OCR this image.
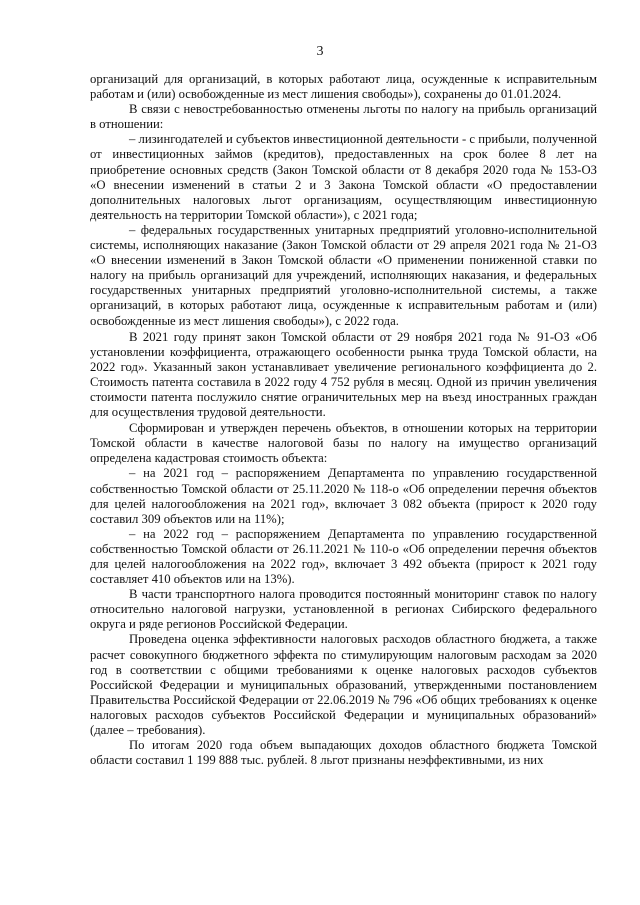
3

организаций для организаций, в которых работают лица, осужденные к исправительным работам и (или) освобожденные из мест лишения свободы»), сохранены до 01.01.2024.

В связи с невостребованностью отменены льготы по налогу на прибыль организаций в отношении:

– лизингодателей и субъектов инвестиционной деятельности - с прибыли, полученной от инвестиционных займов (кредитов), предоставленных на срок более 8 лет на приобретение основных средств (Закон Томской области от 8 декабря 2020 года № 153-ОЗ «О внесении изменений в статьи 2 и 3 Закона Томской области «О предоставлении дополнительных налоговых льгот организациям, осуществляющим инвестиционную деятельность на территории Томской области»), с 2021 года;

– федеральных государственных унитарных предприятий уголовно-исполнительной системы, исполняющих наказание (Закон Томской области от 29 апреля 2021 года № 21-ОЗ «О внесении изменений в Закон Томской области «О применении пониженной ставки по налогу на прибыль организаций для учреждений, исполняющих наказания, и федеральных государственных унитарных предприятий уголовно-исполнительной системы, а также организаций, в которых работают лица, осужденные к исправительным работам и (или) освобожденные из мест лишения свободы»), с 2022 года.

В 2021 году принят закон Томской области от 29 ноября 2021 года № 91-ОЗ «Об установлении коэффициента, отражающего особенности рынка труда Томской области, на 2022 год». Указанный закон устанавливает увеличение регионального коэффициента до 2. Стоимость патента составила в 2022 году 4 752 рубля в месяц. Одной из причин увеличения стоимости патента послужило снятие ограничительных мер на въезд иностранных граждан для осуществления трудовой деятельности.

Сформирован и утвержден перечень объектов, в отношении которых на территории Томской области в качестве налоговой базы по налогу на имущество организаций определена кадастровая стоимость объекта:

– на 2021 год – распоряжением Департамента по управлению государственной собственностью Томской области от 25.11.2020 № 118-о «Об определении перечня объектов для целей налогообложения на 2021 год», включает 3 082 объекта (прирост к 2020 году составил 309 объектов или на 11%);

– на 2022 год – распоряжением Департамента по управлению государственной собственностью Томской области от 26.11.2021 № 110-о «Об определении перечня объектов для целей налогообложения на 2022 год», включает 3 492 объекта (прирост к 2021 году составляет 410 объектов или на 13%).

В части транспортного налога проводится постоянный мониторинг ставок по налогу относительно налоговой нагрузки, установленной в регионах Сибирского федерального округа и ряде регионов Российской Федерации.

Проведена оценка эффективности налоговых расходов областного бюджета, а также расчет совокупного бюджетного эффекта по стимулирующим налоговым расходам за 2020 год в соответствии с общими требованиями к оценке налоговых расходов субъектов Российской Федерации и муниципальных образований, утвержденными постановлением Правительства Российской Федерации от 22.06.2019 № 796 «Об общих требованиях к оценке налоговых расходов субъектов Российской Федерации и муниципальных образований» (далее – требования).

По итогам 2020 года объем выпадающих доходов областного бюджета Томской области составил 1 199 888 тыс. рублей. 8 льгот признаны неэффективными, из них
